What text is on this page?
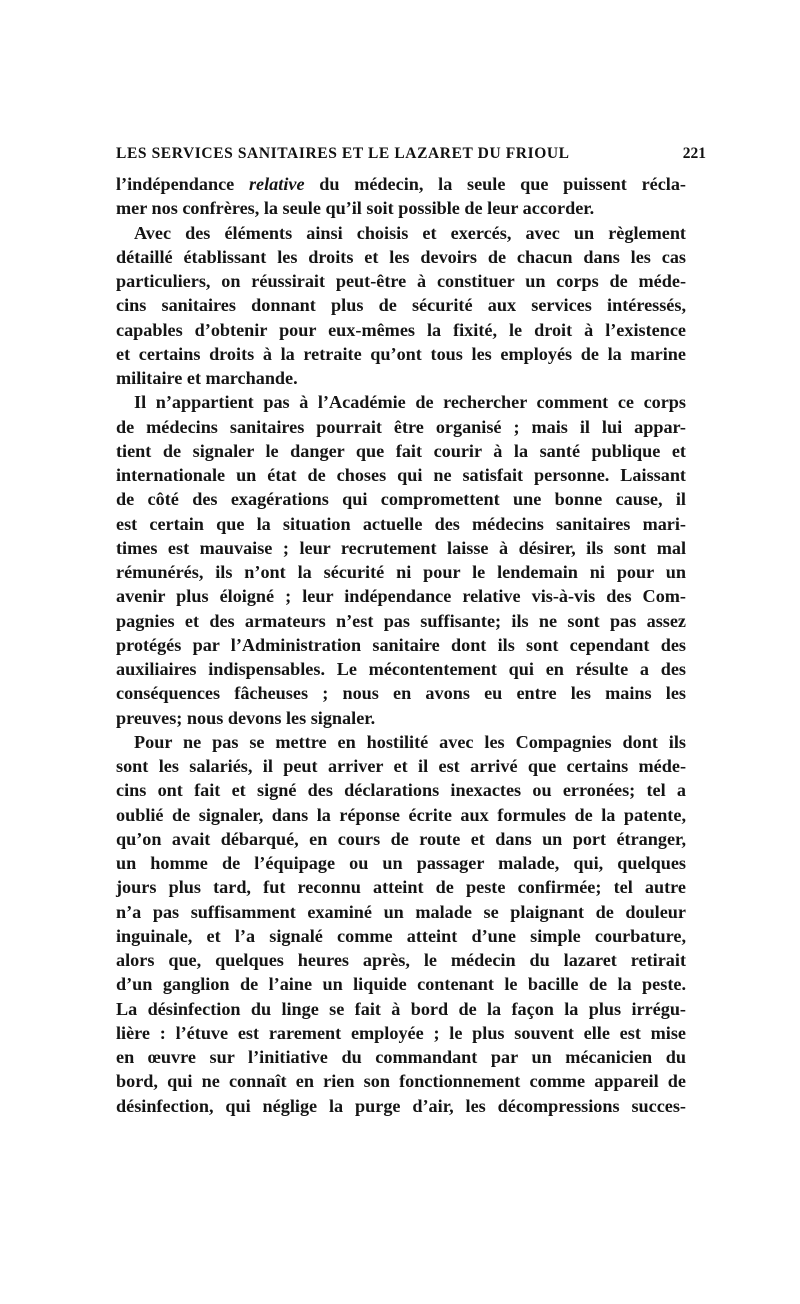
LES SERVICES SANITAIRES ET LE LAZARET DU FRIOUL	221
l’indépendance relative du médecin, la seule que puissent récla-
mer nos confrères, la seule qu’il soit possible de leur accorder.
Avec des éléments ainsi choisis et exercés, avec un règlement
détaillé établissant les droits et les devoirs de chacun dans les cas
particuliers, on réussirait peut-être à constituer un corps de méde-
cins sanitaires donnant plus de sécurité aux services intéressés,
capables d’obtenir pour eux-mêmes la fixité, le droit à l’existence
et certains droits à la retraite qu’ont tous les employés de la marine
militaire et marchande.
Il n’appartient pas à l’Académie de rechercher comment ce corps
de médecins sanitaires pourrait être organisé ; mais il lui appar-
tient de signaler le danger que fait courir à la santé publique et
internationale un état de choses qui ne satisfait personne. Laissant
de côté des exagérations qui compromettent une bonne cause, il
est certain que la situation actuelle des médecins sanitaires mari-
times est mauvaise ; leur recrutement laisse à désirer, ils sont mal
rémunérés, ils n’ont la sécurité ni pour le lendemain ni pour un
avenir plus éloigné ; leur indépendance relative vis-à-vis des Com-
pagnies et des armateurs n’est pas suffisante; ils ne sont pas assez
protégés par l’Administration sanitaire dont ils sont cependant des
auxiliaires indispensables. Le mécontentement qui en résulte a des
conséquences fâcheuses ; nous en avons eu entre les mains les
preuves; nous devons les signaler.
Pour ne pas se mettre en hostilité avec les Compagnies dont ils
sont les salariés, il peut arriver et il est arrivé que certains méde-
cins ont fait et signé des déclarations inexactes ou erronées; tel a
oublié de signaler, dans la réponse écrite aux formules de la patente,
qu’on avait débarqué, en cours de route et dans un port étranger,
un homme de l’équipage ou un passager malade, qui, quelques
jours plus tard, fut reconnu atteint de peste confirmée; tel autre
n’a pas suffisamment examiné un malade se plaignant de douleur
inguinale, et l’a signalé comme atteint d’une simple courbature,
alors que, quelques heures après, le médecin du lazaret retirait
d’un ganglion de l’aine un liquide contenant le bacille de la peste.
La désinfection du linge se fait à bord de la façon la plus irrégu-
lière : l’étuve est rarement employée ; le plus souvent elle est mise
en œuvre sur l’initiative du commandant par un mécanicien du
bord, qui ne connaît en rien son fonctionnement comme appareil de
désinfection, qui néglige la purge d’air, les décompressions succes-
